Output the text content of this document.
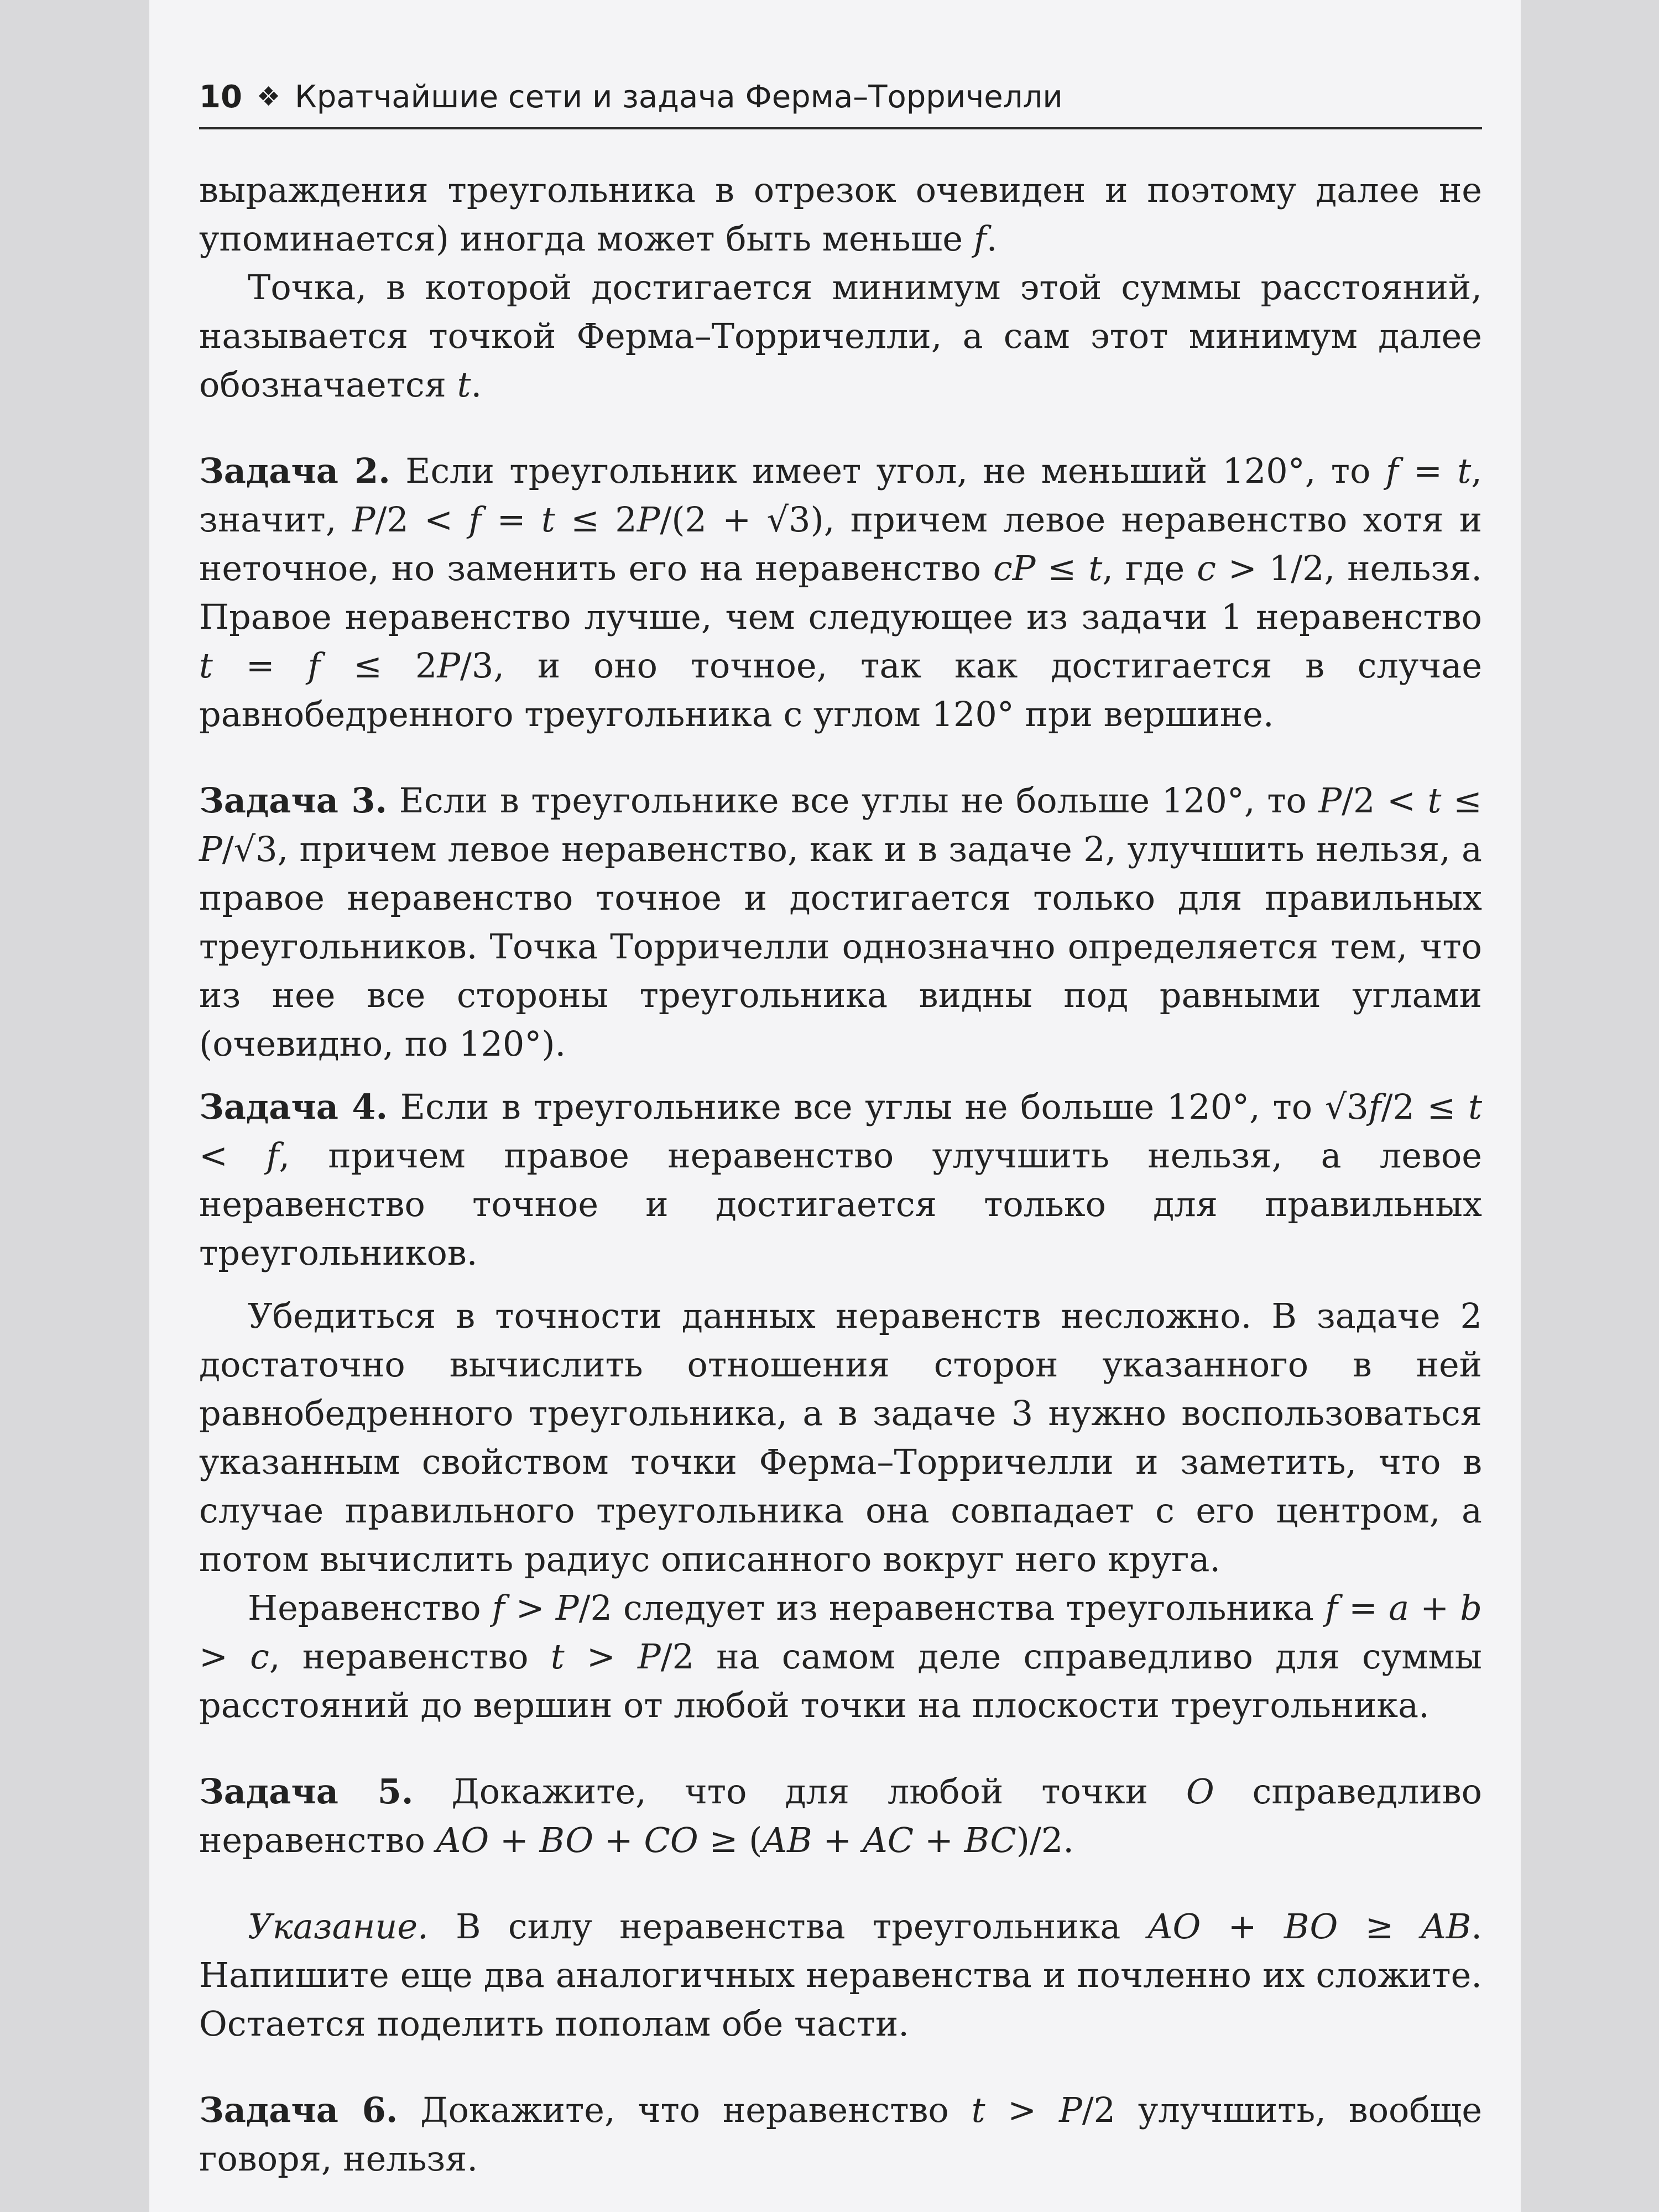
10 ❖ Кратчайшие сети и задача Ферма–Торричелли

выраждения треугольника в отрезок очевиден и поэтому далее не упоминается) иногда может быть меньше f.

Точка, в которой достигается минимум этой суммы расстояний, называется точкой Ферма–Торричелли, а сам этот минимум далее обозначается t.

Задача 2. Если треугольник имеет угол, не меньший 120°, то f = t, значит, P/2 < f = t ≤ 2P/(2 + √3), причем левое неравенство хотя и неточное, но заменить его на неравенство cP ≤ t, где c > 1/2, нельзя. Правое неравенство лучше, чем следующее из задачи 1 неравенство t = f ≤ 2P/3, и оно точное, так как достигается в случае равнобедренного треугольника с углом 120° при вершине.

Задача 3. Если в треугольнике все углы не больше 120°, то P/2 < t ≤ P/√3, причем левое неравенство, как и в задаче 2, улучшить нельзя, а правое неравенство точное и достигается только для правильных треугольников. Точка Торричелли однозначно определяется тем, что из нее все стороны треугольника видны под равными углами (очевидно, по 120°).

Задача 4. Если в треугольнике все углы не больше 120°, то √3f/2 ≤ t < f, причем правое неравенство улучшить нельзя, а левое неравенство точное и достигается только для правильных треугольников.

Убедиться в точности данных неравенств несложно. В задаче 2 достаточно вычислить отношения сторон указанного в ней равнобедренного треугольника, а в задаче 3 нужно воспользоваться указанным свойством точки Ферма–Торричелли и заметить, что в случае правильного треугольника она совпадает с его центром, а потом вычислить радиус описанного вокруг него круга.

Неравенство f > P/2 следует из неравенства треугольника f = a + b > c, неравенство t > P/2 на самом деле справедливо для суммы расстояний до вершин от любой точки на плоскости треугольника.

Задача 5. Докажите, что для любой точки O справедливо неравенство AO + BO + CO ≥ (AB + AC + BC)/2.

Указание. В силу неравенства треугольника AO + BO ≥ AB. Напишите еще два аналогичных неравенства и почленно их сложите. Остается поделить пополам обе части.

Задача 6. Докажите, что неравенство t > P/2 улучшить, вообще говоря, нельзя.
